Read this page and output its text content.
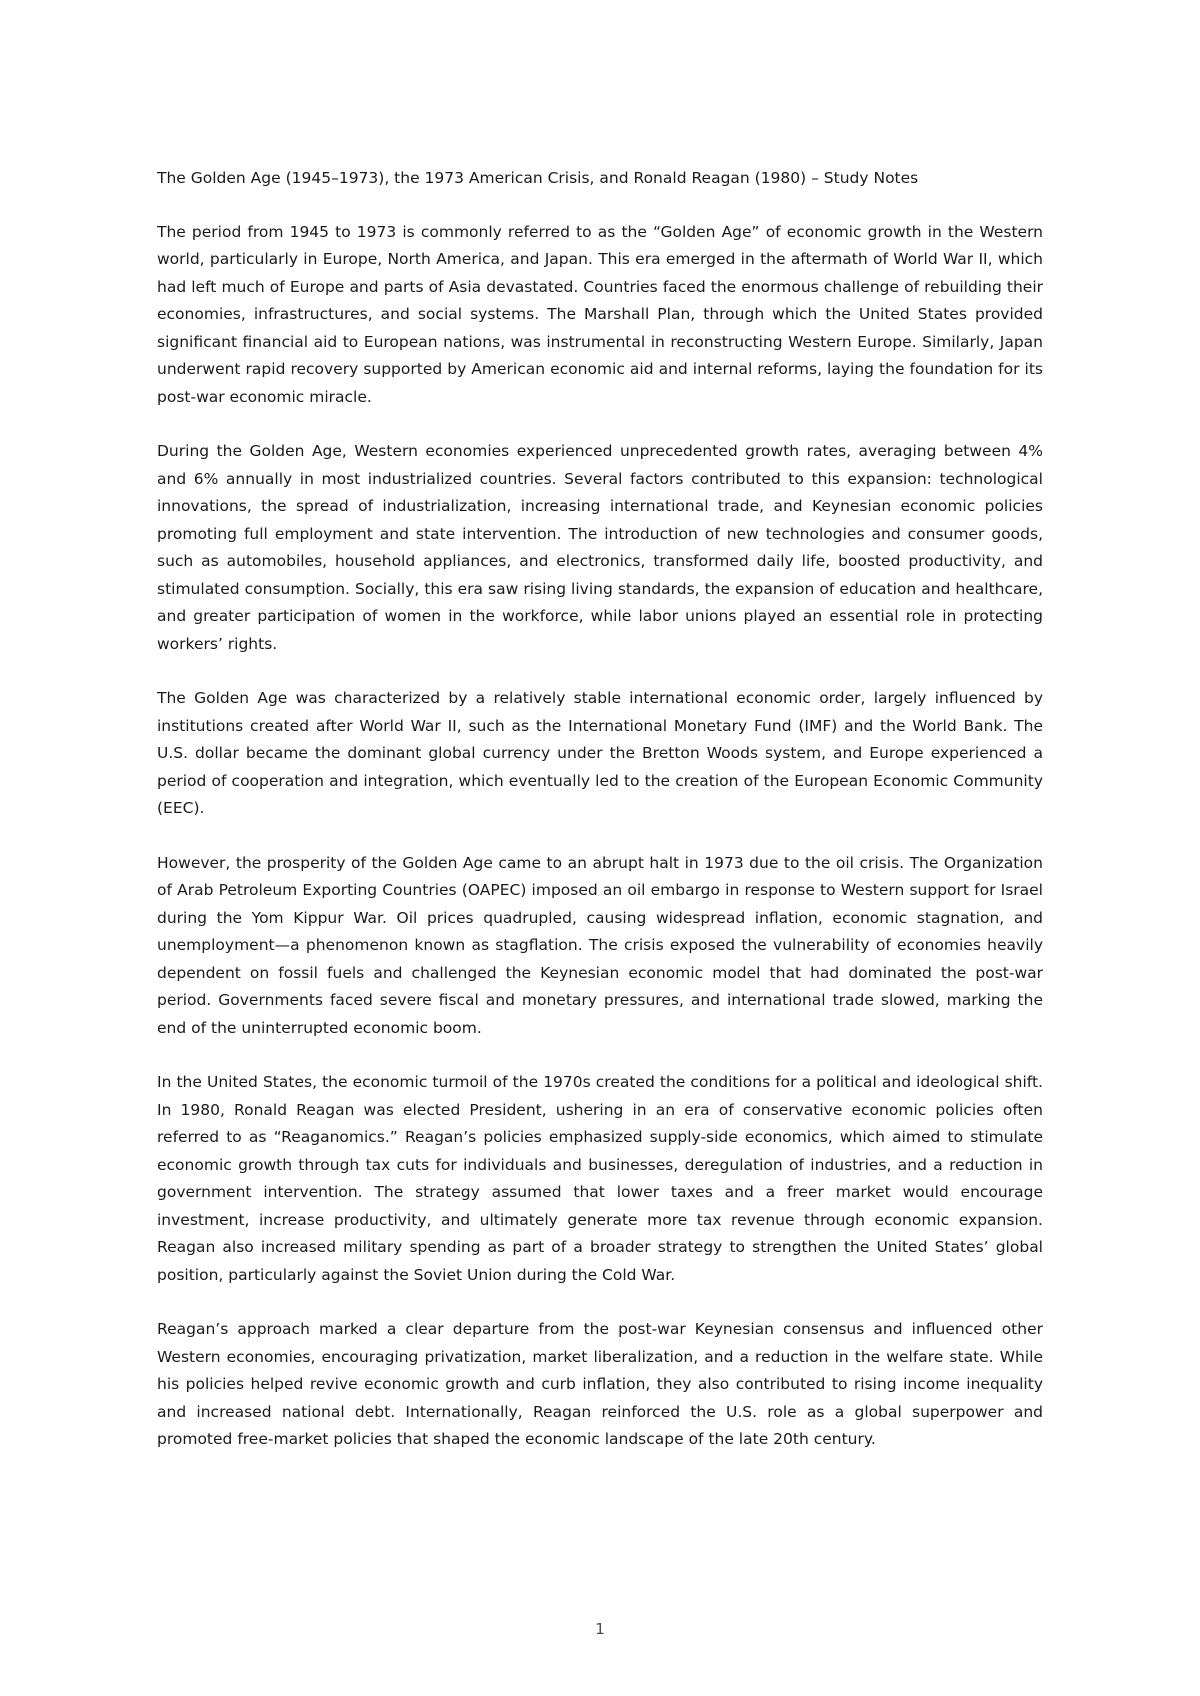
The Golden Age (1945–1973), the 1973 American Crisis, and Ronald Reagan (1980) – Study Notes

The period from 1945 to 1973 is commonly referred to as the “Golden Age” of economic growth in the Western world, particularly in Europe, North America, and Japan. This era emerged in the aftermath of World War II, which had left much of Europe and parts of Asia devastated. Countries faced the enormous challenge of rebuilding their economies, infrastructures, and social systems. The Marshall Plan, through which the United States provided significant financial aid to European nations, was instrumental in reconstructing Western Europe. Similarly, Japan underwent rapid recovery supported by American economic aid and internal reforms, laying the foundation for its post-war economic miracle.

During the Golden Age, Western economies experienced unprecedented growth rates, averaging between 4% and 6% annually in most industrialized countries. Several factors contributed to this expansion: technological innovations, the spread of industrialization, increasing international trade, and Keynesian economic policies promoting full employment and state intervention. The introduction of new technologies and consumer goods, such as automobiles, household appliances, and electronics, transformed daily life, boosted productivity, and stimulated consumption. Socially, this era saw rising living standards, the expansion of education and healthcare, and greater participation of women in the workforce, while labor unions played an essential role in protecting workers’ rights.

The Golden Age was characterized by a relatively stable international economic order, largely influenced by institutions created after World War II, such as the International Monetary Fund (IMF) and the World Bank. The U.S. dollar became the dominant global currency under the Bretton Woods system, and Europe experienced a period of cooperation and integration, which eventually led to the creation of the European Economic Community (EEC).

However, the prosperity of the Golden Age came to an abrupt halt in 1973 due to the oil crisis. The Organization of Arab Petroleum Exporting Countries (OAPEC) imposed an oil embargo in response to Western support for Israel during the Yom Kippur War. Oil prices quadrupled, causing widespread inflation, economic stagnation, and unemployment—a phenomenon known as stagflation. The crisis exposed the vulnerability of economies heavily dependent on fossil fuels and challenged the Keynesian economic model that had dominated the post-war period. Governments faced severe fiscal and monetary pressures, and international trade slowed, marking the end of the uninterrupted economic boom.

In the United States, the economic turmoil of the 1970s created the conditions for a political and ideological shift. In 1980, Ronald Reagan was elected President, ushering in an era of conservative economic policies often referred to as “Reaganomics.” Reagan’s policies emphasized supply-side economics, which aimed to stimulate economic growth through tax cuts for individuals and businesses, deregulation of industries, and a reduction in government intervention. The strategy assumed that lower taxes and a freer market would encourage investment, increase productivity, and ultimately generate more tax revenue through economic expansion. Reagan also increased military spending as part of a broader strategy to strengthen the United States’ global position, particularly against the Soviet Union during the Cold War.

Reagan’s approach marked a clear departure from the post-war Keynesian consensus and influenced other Western economies, encouraging privatization, market liberalization, and a reduction in the welfare state. While his policies helped revive economic growth and curb inflation, they also contributed to rising income inequality and increased national debt. Internationally, Reagan reinforced the U.S. role as a global superpower and promoted free-market policies that shaped the economic landscape of the late 20th century.

1
